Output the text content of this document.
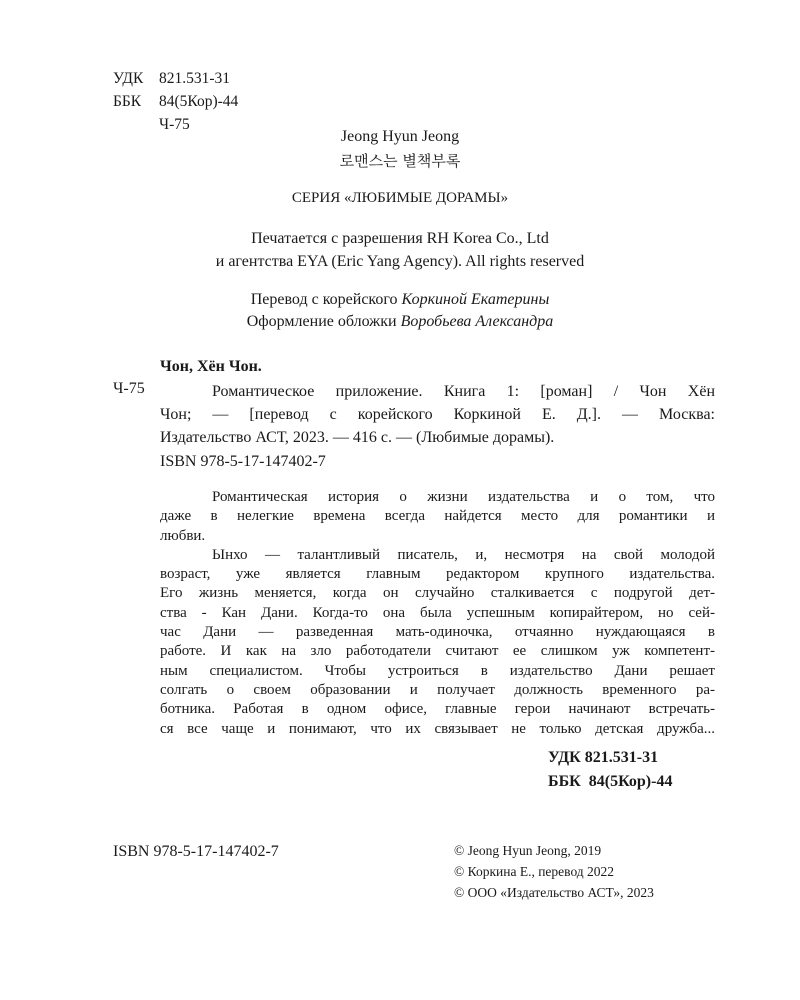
УДК	821.531-31
ББК	84(5Кор)-44
Ч-75
Jeong Hyun Jeong
로맨스는 별책부록
СЕРИЯ «ЛЮБИМЫЕ ДОРАМЫ»
Печатается с разрешения RH Korea Co., Ltd
и агентства EYA (Eric Yang Agency). All rights reserved
Перевод с корейского Коркиной Екатерины
Оформление обложки Воробьева Александра
Чон, Хён Чон.
Ч-75	Романтическое приложение. Книга 1: [роман] / Чон Хён
Чон; — [перевод с корейского Коркиной Е. Д.]. — Москва:
Издательство АСТ, 2023. — 416 с. — (Любимые дорамы).
ISBN 978-5-17-147402-7
Романтическая история о жизни издательства и о том, что
даже в нелегкие времена всегда найдется место для романтики и
любви.
Ынхо — талантливый писатель, и, несмотря на свой молодой
возраст, уже является главным редактором крупного издательства.
Его жизнь меняется, когда он случайно сталкивается с подругой дет-
ства - Кан Дани. Когда-то она была успешным копирайтером, но сей-
час Дани — разведенная мать-одиночка, отчаянно нуждающаяся в
работе. И как на зло работодатели считают ее слишком уж компетент-
ным специалистом. Чтобы устроиться в издательство Дани решает
солгать о своем образовании и получает должность временного ра-
ботника. Работая в одном офисе, главные герои начинают встречать-
ся все чаще и понимают, что их связывает не только детская дружба...
УДК 821.531-31
ББК  84(5Кор)-44
ISBN 978-5-17-147402-7	© Jeong Hyun Jeong, 2019
© Коркина Е., перевод 2022
© ООО «Издательство АСТ», 2023
